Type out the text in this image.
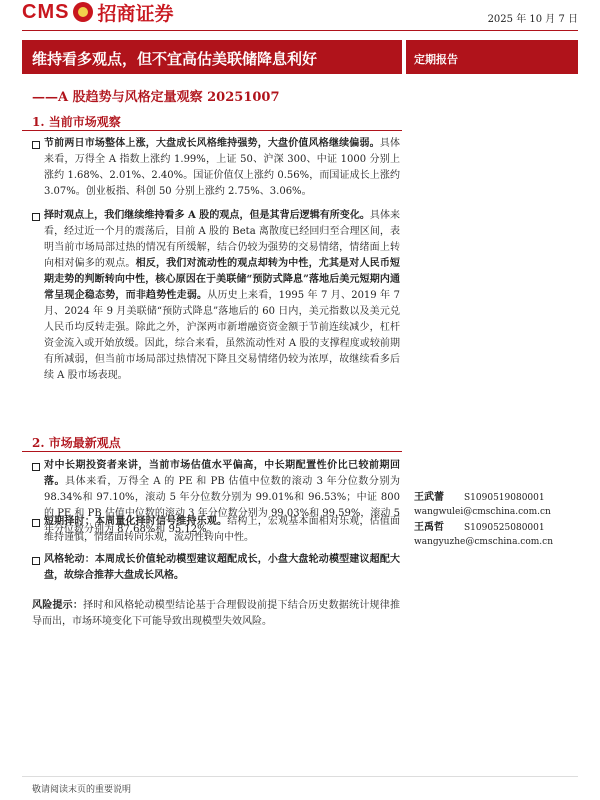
CMS 招商证券	2025 年 10 月 7 日
维持看多观点，但不宜高估美联储降息利好	定期报告
——A 股趋势与风格定量观察 20251007
1. 当前市场观察
节前两日市场整体上涨，大盘成长风格维持强势，大盘价值风格继续偏弱。具体来看，万得全 A 指数上涨约 1.99%，上证 50、沪深 300、中证 1000 分别上涨约 1.68%、2.01%、2.40%。国证价值仅上涨约 0.56%，而国证成长上涨约 3.07%。创业板指、科创 50 分别上涨约 2.75%、3.06%。
择时观点上，我们继续维持看多 A 股的观点，但是其背后逻辑有所变化。具体来看，经过近一个月的震荡后，目前 A 股的 Beta 离散度已经回归至合理区间，表明当前市场局部过热的情况有所缓解，结合仍较为强势的交易情绪，情绪面上转向相对偏多的观点。相反，我们对流动性的观点却转为中性，尤其是对人民币短期走势的判断转向中性，核心原因在于美联储“预防式降息”落地后美元短期内通常呈现企稳态势，而非趋势性走弱。从历史上来看，1995 年 7 月、2019 年 7 月、2024 年 9 月美联储“预防式降息”落地后的 60 日内，美元指数以及美元兑人民币均反转走强。除此之外，沪深两市新增融资资金额于节前连续减少，杠杆资金流入或开始放缓。因此，综合来看，虽然流动性对 A 股的支撑程度或较前期有所减弱，但当前市场局部过热情况下降且交易情绪仍较为浓厚，故继续看多后续 A 股市场表现。
2. 市场最新观点
对中长期投资者来讲，当前市场估值水平偏高，中长期配置性价比已较前期回落。具体来看，万得全 A 的 PE 和 PB 估值中位数的滚动 3 年分位数分别为 98.34%和 97.10%，滚动 5 年分位数分别为 99.01%和 96.53%；中证 800 的 PE 和 PB 估值中位数的滚动 3 年分位数分别为 99.03%和 99.59%，滚动 5 年分位数分别为 87.68%和 95.12%。
短期择时：本周量化择时信号维持乐观。结构上，宏观基本面相对乐观，估值面维持谨慎，情绪面转向乐观，流动性转向中性。
风格轮动：本周成长价值轮动模型建议超配成长，小盘大盘轮动模型建议超配大盘，故综合推荐大盘成长风格。
风险提示：择时和风格轮动模型结论基于合理假设前提下结合历史数据统计规律推导而出，市场环境变化下可能导致出现模型失效风险。
王武蕾 S1090519080001
wangwulei@cmschina.com.cn
王禹哲 S1090525080001
wangyuzhe@cmschina.com.cn
敬请阅读末页的重要说明
